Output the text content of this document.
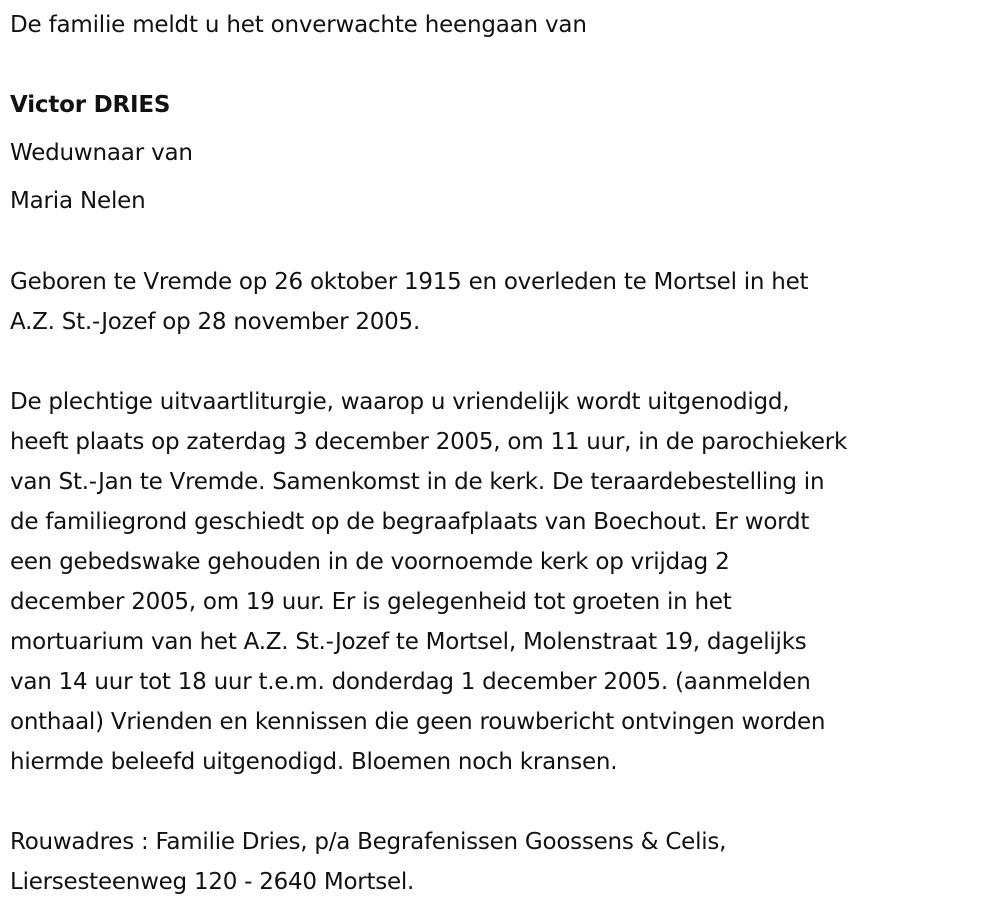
De familie meldt u het onverwachte heengaan van
Victor DRIES
Weduwnaar van
Maria Nelen
Geboren te Vremde op 26 oktober 1915 en overleden te Mortsel in het
A.Z. St.-Jozef op 28 november 2005.
De plechtige uitvaartliturgie, waarop u vriendelijk wordt uitgenodigd,
heeft plaats op zaterdag 3 december 2005, om 11 uur, in de parochiekerk
van St.-Jan te Vremde. Samenkomst in de kerk. De teraardebestelling in
de familiegrond geschiedt op de begraafplaats van Boechout. Er wordt
een gebedswake gehouden in de voornoemde kerk op vrijdag 2
december 2005, om 19 uur. Er is gelegenheid tot groeten in het
mortuarium van het A.Z. St.-Jozef te Mortsel, Molenstraat 19, dagelijks
van 14 uur tot 18 uur t.e.m. donderdag 1 december 2005. (aanmelden
onthaal) Vrienden en kennissen die geen rouwbericht ontvingen worden
hiermde beleefd uitgenodigd. Bloemen noch kransen.
Rouwadres : Familie Dries, p/a Begrafenissen Goossens & Celis,
Liersesteenweg 120 - 2640 Mortsel.
